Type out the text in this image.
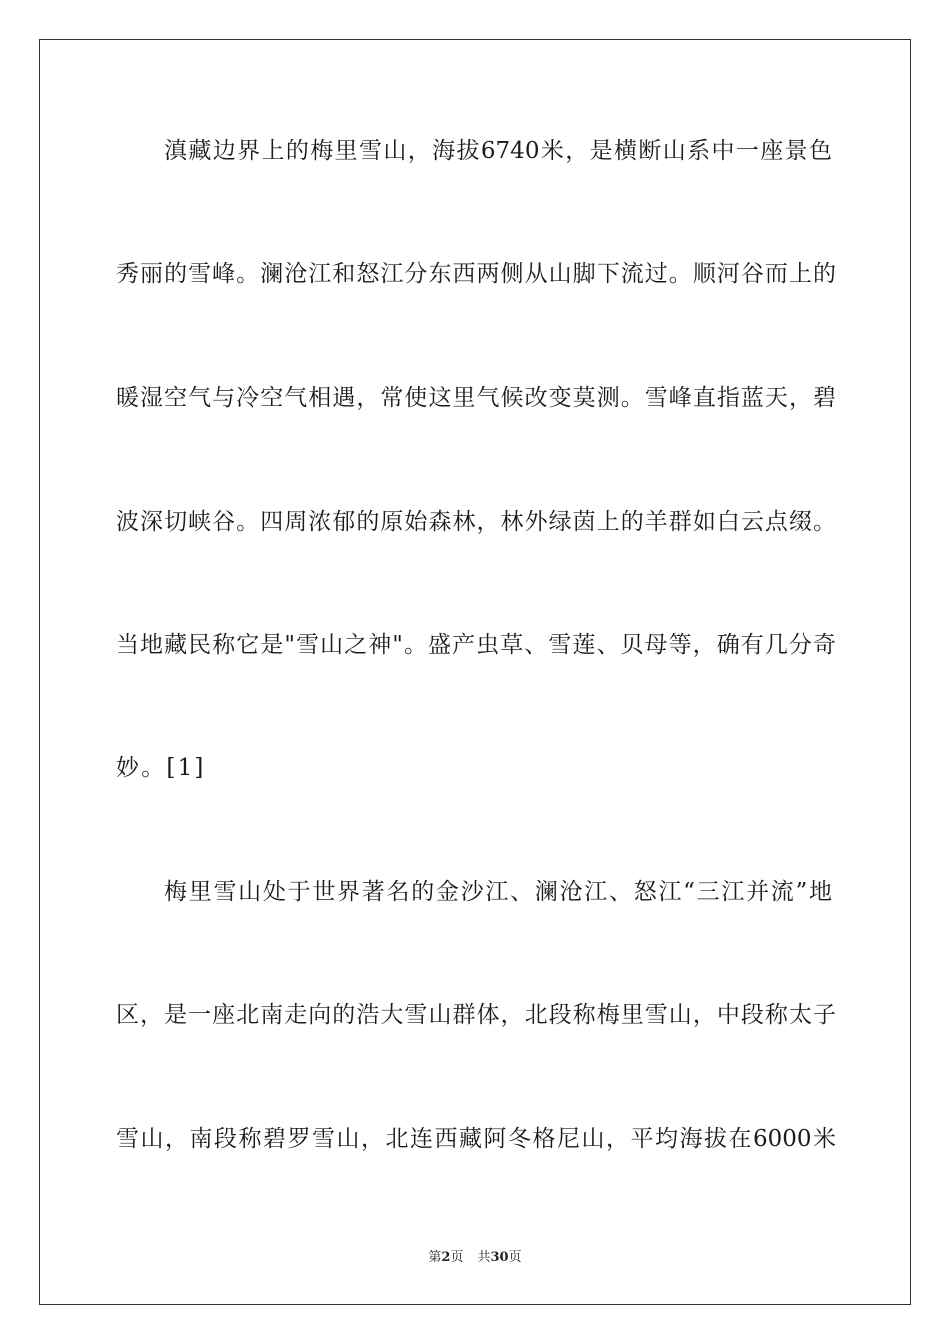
滇藏边界上的梅里雪山，海拔6740米，是横断山系中一座景色
秀丽的雪峰。澜沧江和怒江分东西两侧从山脚下流过。顺河谷而上的
暖湿空气与冷空气相遇，常使这里气候改变莫测。雪峰直指蓝天，碧
波深切峡谷。四周浓郁的原始森林，林外绿茵上的羊群如白云点缀。
当地藏民称它是"雪山之神"。盛产虫草、雪莲、贝母等，确有几分奇
妙。[1]
梅里雪山处于世界著名的金沙江、澜沧江、怒江“三江并流”地
区，是一座北南走向的浩大雪山群体，北段称梅里雪山，中段称太子
雪山，南段称碧罗雪山，北连西藏阿冬格尼山，平均海拔在6000米
第2页 共30页
